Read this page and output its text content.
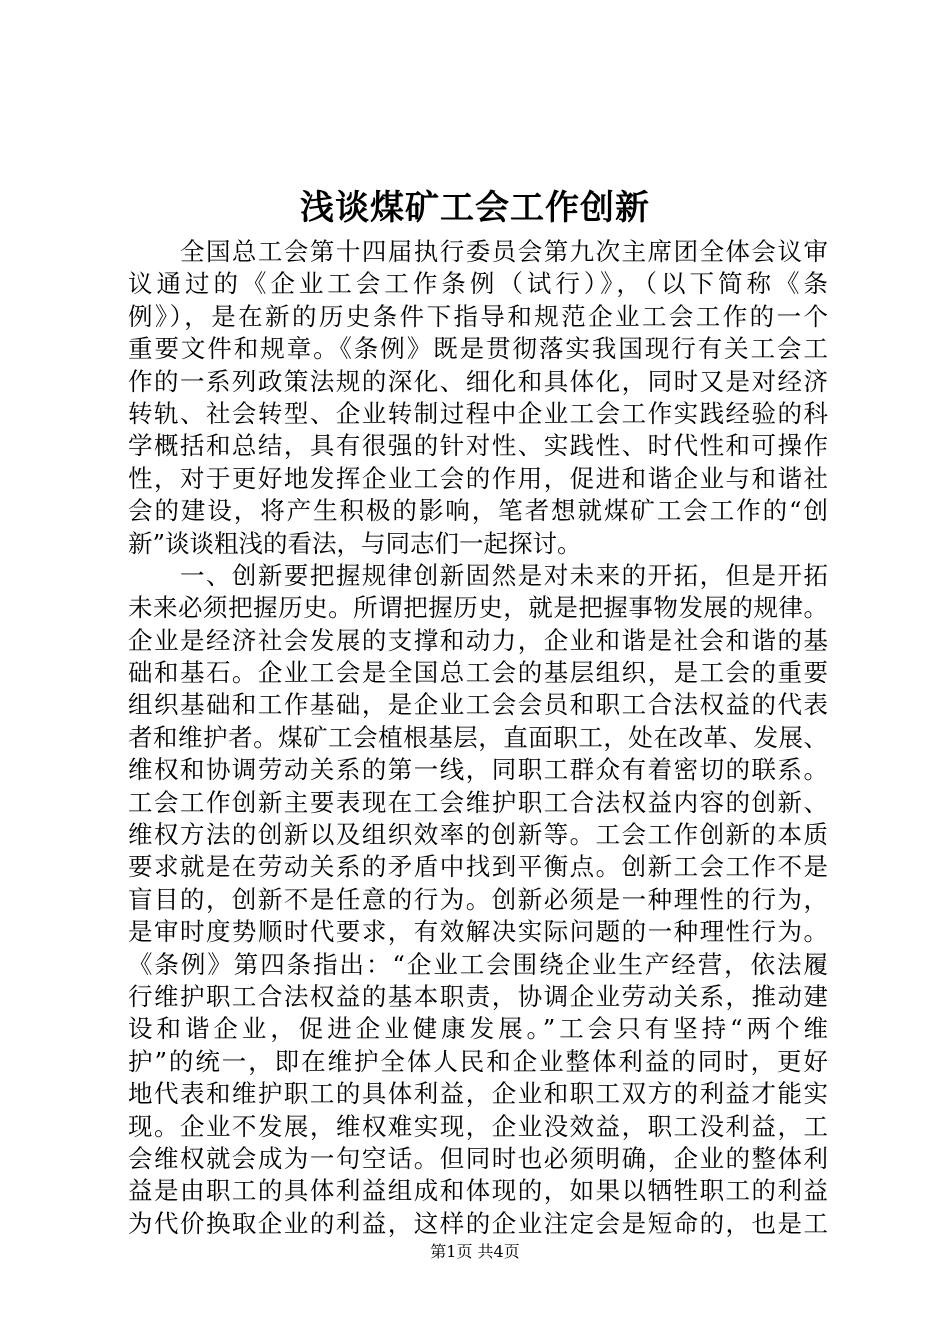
浅谈煤矿工会工作创新
　　全国总工会第十四届执行委员会第九次主席团全体会议审
议通过的《企业工会工作条例（试行）》，（以下简称《条
例》），是在新的历史条件下指导和规范企业工会工作的一个
重要文件和规章。《条例》既是贯彻落实我国现行有关工会工
作的一系列政策法规的深化、细化和具体化，同时又是对经济
转轨、社会转型、企业转制过程中企业工会工作实践经验的科
学概括和总结，具有很强的针对性、实践性、时代性和可操作
性，对于更好地发挥企业工会的作用，促进和谐企业与和谐社
会的建设，将产生积极的影响，笔者想就煤矿工会工作的“创
新”谈谈粗浅的看法，与同志们一起探讨。
　　一、创新要把握规律创新固然是对未来的开拓，但是开拓
未来必须把握历史。所谓把握历史，就是把握事物发展的规律。
企业是经济社会发展的支撑和动力，企业和谐是社会和谐的基
础和基石。企业工会是全国总工会的基层组织，是工会的重要
组织基础和工作基础，是企业工会会员和职工合法权益的代表
者和维护者。煤矿工会植根基层，直面职工，处在改革、发展、
维权和协调劳动关系的第一线，同职工群众有着密切的联系。
工会工作创新主要表现在工会维护职工合法权益内容的创新、
维权方法的创新以及组织效率的创新等。工会工作创新的本质
要求就是在劳动关系的矛盾中找到平衡点。创新工会工作不是
盲目的，创新不是任意的行为。创新必须是一种理性的行为，
是审时度势顺时代要求，有效解决实际问题的一种理性行为。
《条例》第四条指出：“企业工会围绕企业生产经营，依法履
行维护职工合法权益的基本职责，协调企业劳动关系，推动建
设和谐企业，促进企业健康发展。”工会只有坚持“两个维
护”的统一，即在维护全体人民和企业整体利益的同时，更好
地代表和维护职工的具体利益，企业和职工双方的利益才能实
现。企业不发展，维权难实现，企业没效益，职工没利益，工
会维权就会成为一句空话。但同时也必须明确，企业的整体利
益是由职工的具体利益组成和体现的，如果以牺牲职工的利益
为代价换取企业的利益，这样的企业注定会是短命的，也是工
第1页 共4页
